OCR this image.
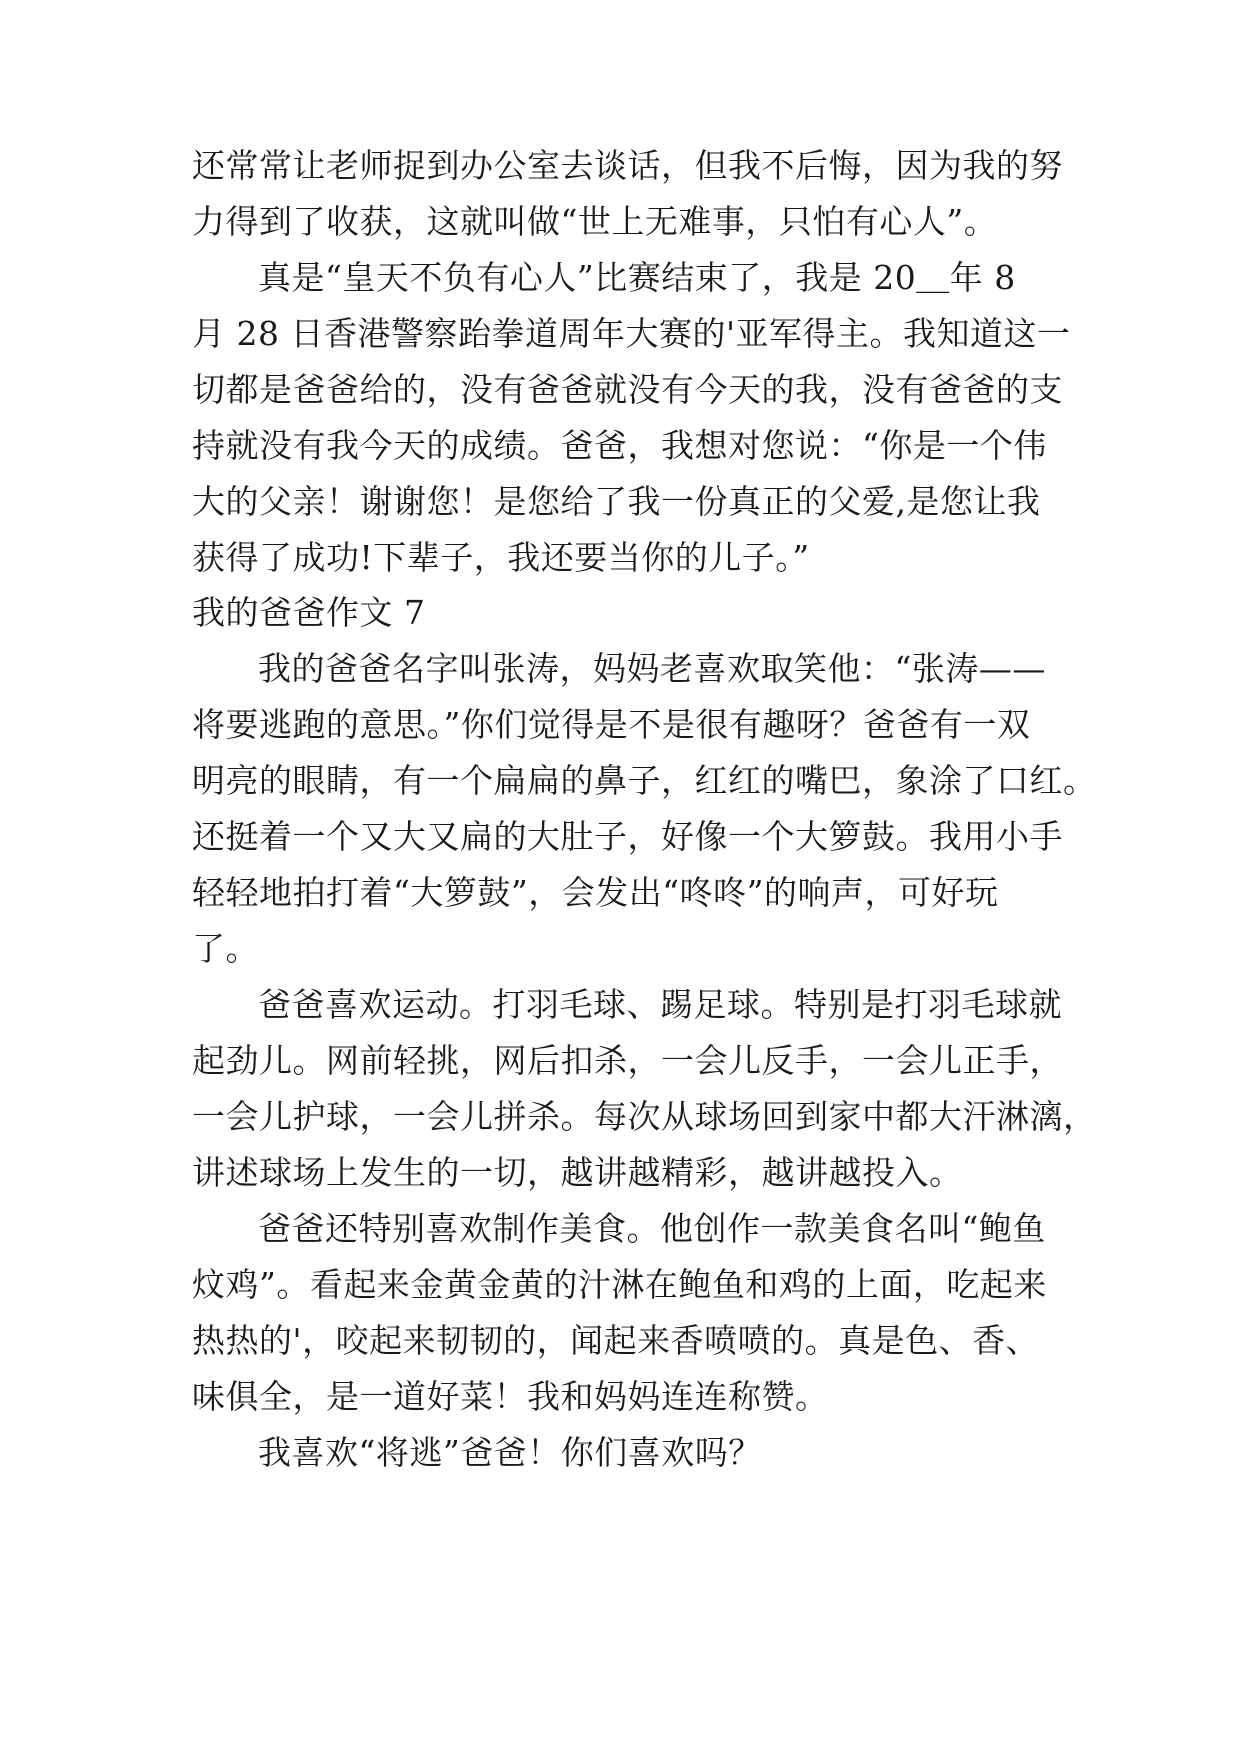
还常常让老师捉到办公室去谈话，但我不后悔，因为我的努
力得到了收获，这就叫做“世上无难事，只怕有心人”。
真是“皇天不负有心人”比赛结束了，我是 20＿年 8
月 28 日香港警察跆拳道周年大赛的'亚军得主。我知道这一
切都是爸爸给的，没有爸爸就没有今天的我，没有爸爸的支
持就没有我今天的成绩。爸爸，我想对您说：“你是一个伟
大的父亲！谢谢您！是您给了我一份真正的父爱,是您让我
获得了成功!下辈子，我还要当你的儿子。”
我的爸爸作文 7
我的爸爸名字叫张涛，妈妈老喜欢取笑他：“张涛——
将要逃跑的意思。”你们觉得是不是很有趣呀？爸爸有一双
明亮的眼睛，有一个扁扁的鼻子，红红的嘴巴，象涂了口红。
还挺着一个又大又扁的大肚子，好像一个大箩鼓。我用小手
轻轻地拍打着“大箩鼓”，会发出“咚咚”的响声，可好玩
了。
爸爸喜欢运动。打羽毛球、踢足球。特别是打羽毛球就
起劲儿。网前轻挑，网后扣杀，一会儿反手，一会儿正手，
一会儿护球，一会儿拼杀。每次从球场回到家中都大汗淋漓，
讲述球场上发生的一切，越讲越精彩，越讲越投入。
爸爸还特别喜欢制作美食。他创作一款美食名叫“鲍鱼
炆鸡”。看起来金黄金黄的汁淋在鲍鱼和鸡的上面，吃起来
热热的'，咬起来韧韧的，闻起来香喷喷的。真是色、香、
味俱全，是一道好菜！我和妈妈连连称赞。
我喜欢“将逃”爸爸！你们喜欢吗？
